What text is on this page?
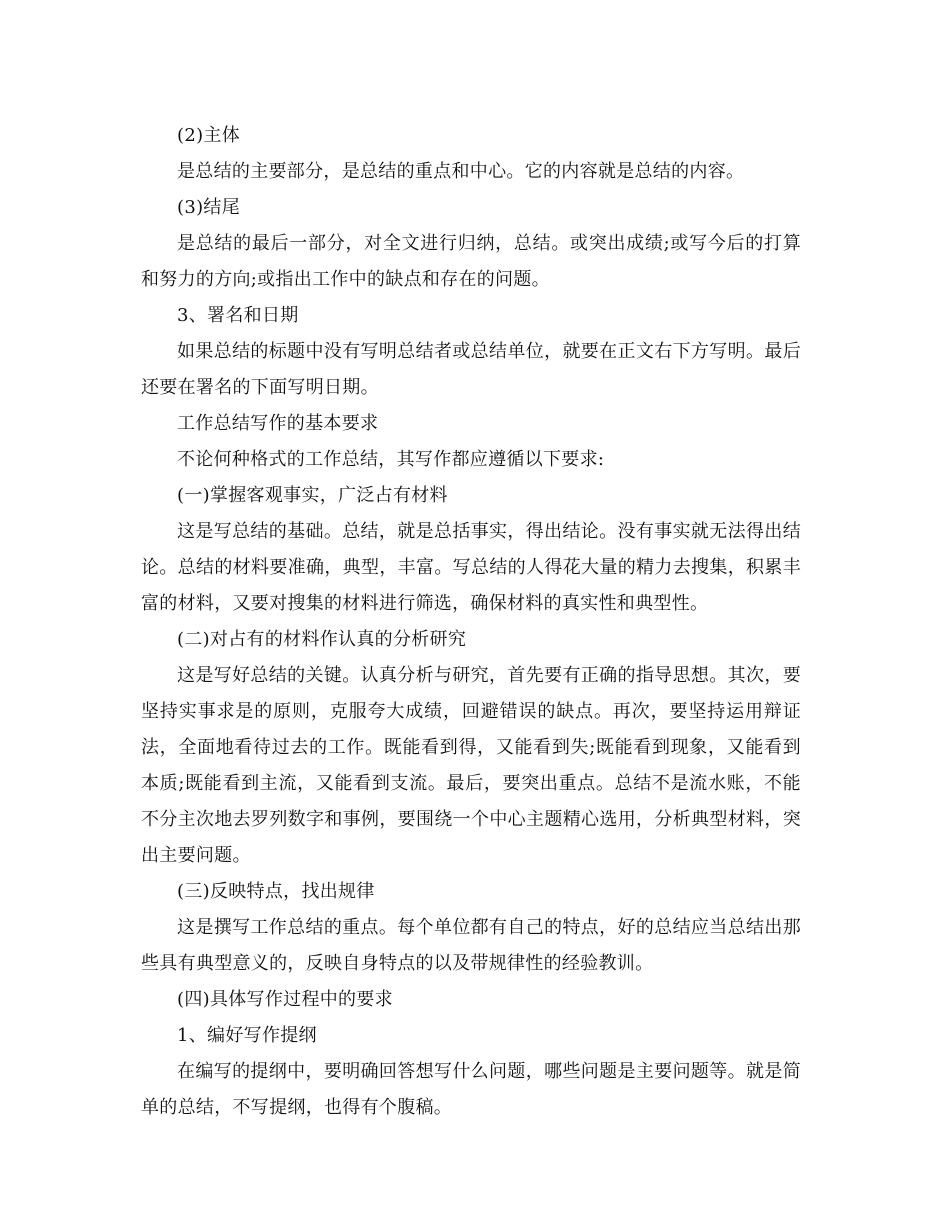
(2)主体

是总结的主要部分，是总结的重点和中心。它的内容就是总结的内容。

(3)结尾

是总结的最后一部分，对全文进行归纳，总结。或突出成绩;或写今后的打算和努力的方向;或指出工作中的缺点和存在的问题。

3、署名和日期

如果总结的标题中没有写明总结者或总结单位，就要在正文右下方写明。最后还要在署名的下面写明日期。

工作总结写作的基本要求

不论何种格式的工作总结，其写作都应遵循以下要求:

(一)掌握客观事实，广泛占有材料

这是写总结的基础。总结，就是总括事实，得出结论。没有事实就无法得出结论。总结的材料要准确，典型，丰富。写总结的人得花大量的精力去搜集，积累丰富的材料，又要对搜集的材料进行筛选，确保材料的真实性和典型性。

(二)对占有的材料作认真的分析研究

这是写好总结的关键。认真分析与研究，首先要有正确的指导思想。其次，要坚持实事求是的原则，克服夸大成绩，回避错误的缺点。再次，要坚持运用辩证法，全面地看待过去的工作。既能看到得，又能看到失;既能看到现象，又能看到本质;既能看到主流，又能看到支流。最后，要突出重点。总结不是流水账，不能不分主次地去罗列数字和事例，要围绕一个中心主题精心选用，分析典型材料，突出主要问题。

(三)反映特点，找出规律

这是撰写工作总结的重点。每个单位都有自己的特点，好的总结应当总结出那些具有典型意义的，反映自身特点的以及带规律性的经验教训。

(四)具体写作过程中的要求

1、编好写作提纲

在编写的提纲中，要明确回答想写什么问题，哪些问题是主要问题等。就是简单的总结，不写提纲，也得有个腹稿。
